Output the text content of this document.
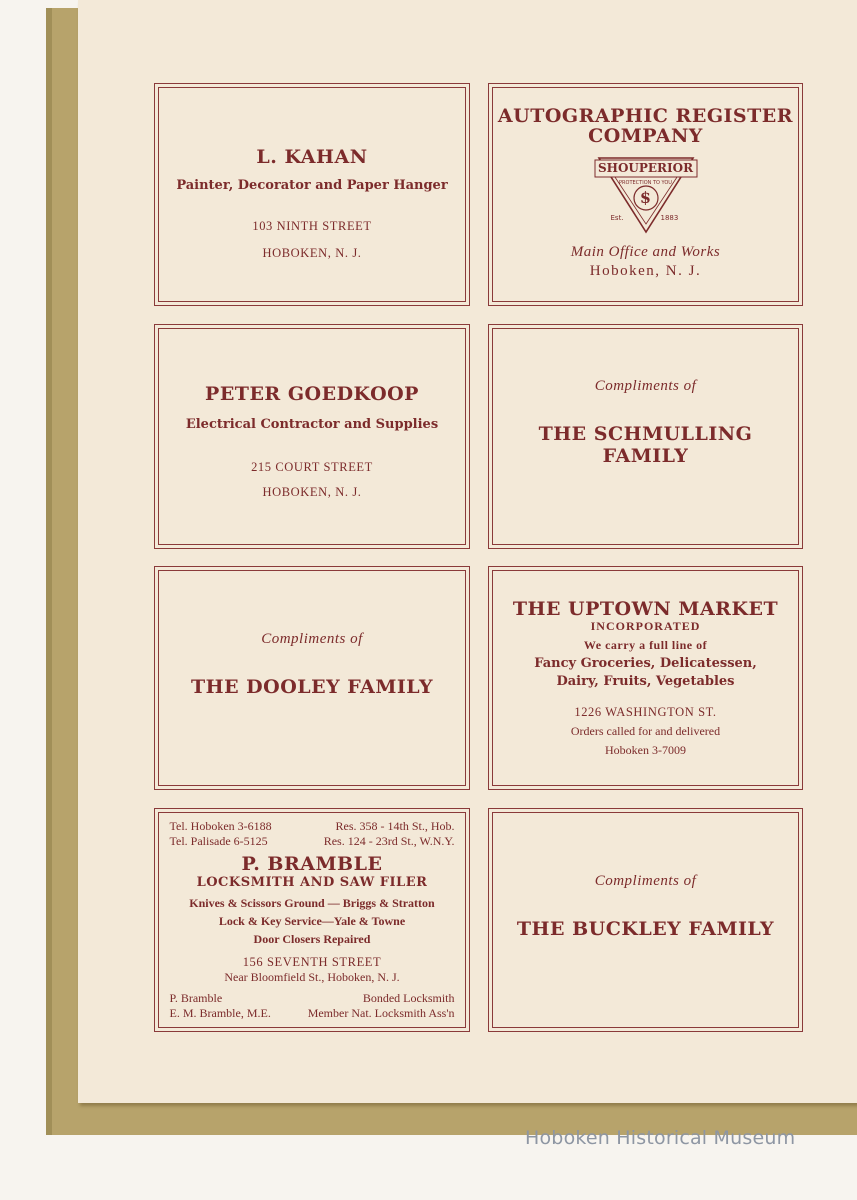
L. KAHAN
Painter, Decorator and Paper Hanger
103 NINTH STREET
HOBOKEN, N. J.
AUTOGRAPHIC REGISTER
COMPANY
SHOUPERIOR
PROTECTION TO YOU
$
Est.	1883
Main Office and Works
Hoboken, N. J.
PETER GOEDKOOP
Electrical Contractor and Supplies
215 COURT STREET
HOBOKEN, N. J.
Compliments of
THE SCHMULLING FAMILY
Compliments of
THE DOOLEY FAMILY
THE UPTOWN MARKET
INCORPORATED
We carry a full line of
Fancy Groceries, Delicatessen,
Dairy, Fruits, Vegetables
1226 WASHINGTON ST.
Orders called for and delivered
Hoboken 3-7009
Tel. Hoboken 3-6188	Res. 358 - 14th St., Hob.
Tel. Palisade 6-5125	Res. 124 - 23rd St., W.N.Y.
P. BRAMBLE
LOCKSMITH AND SAW FILER
Knives & Scissors Ground — Briggs & Stratton
Lock & Key Service—Yale & Towne
Door Closers Repaired
156 SEVENTH STREET
Near Bloomfield St., Hoboken, N. J.
P. Bramble	Bonded Locksmith
E. M. Bramble, M.E.	Member Nat. Locksmith Ass'n
Compliments of
THE BUCKLEY FAMILY
Hoboken Historical Museum
